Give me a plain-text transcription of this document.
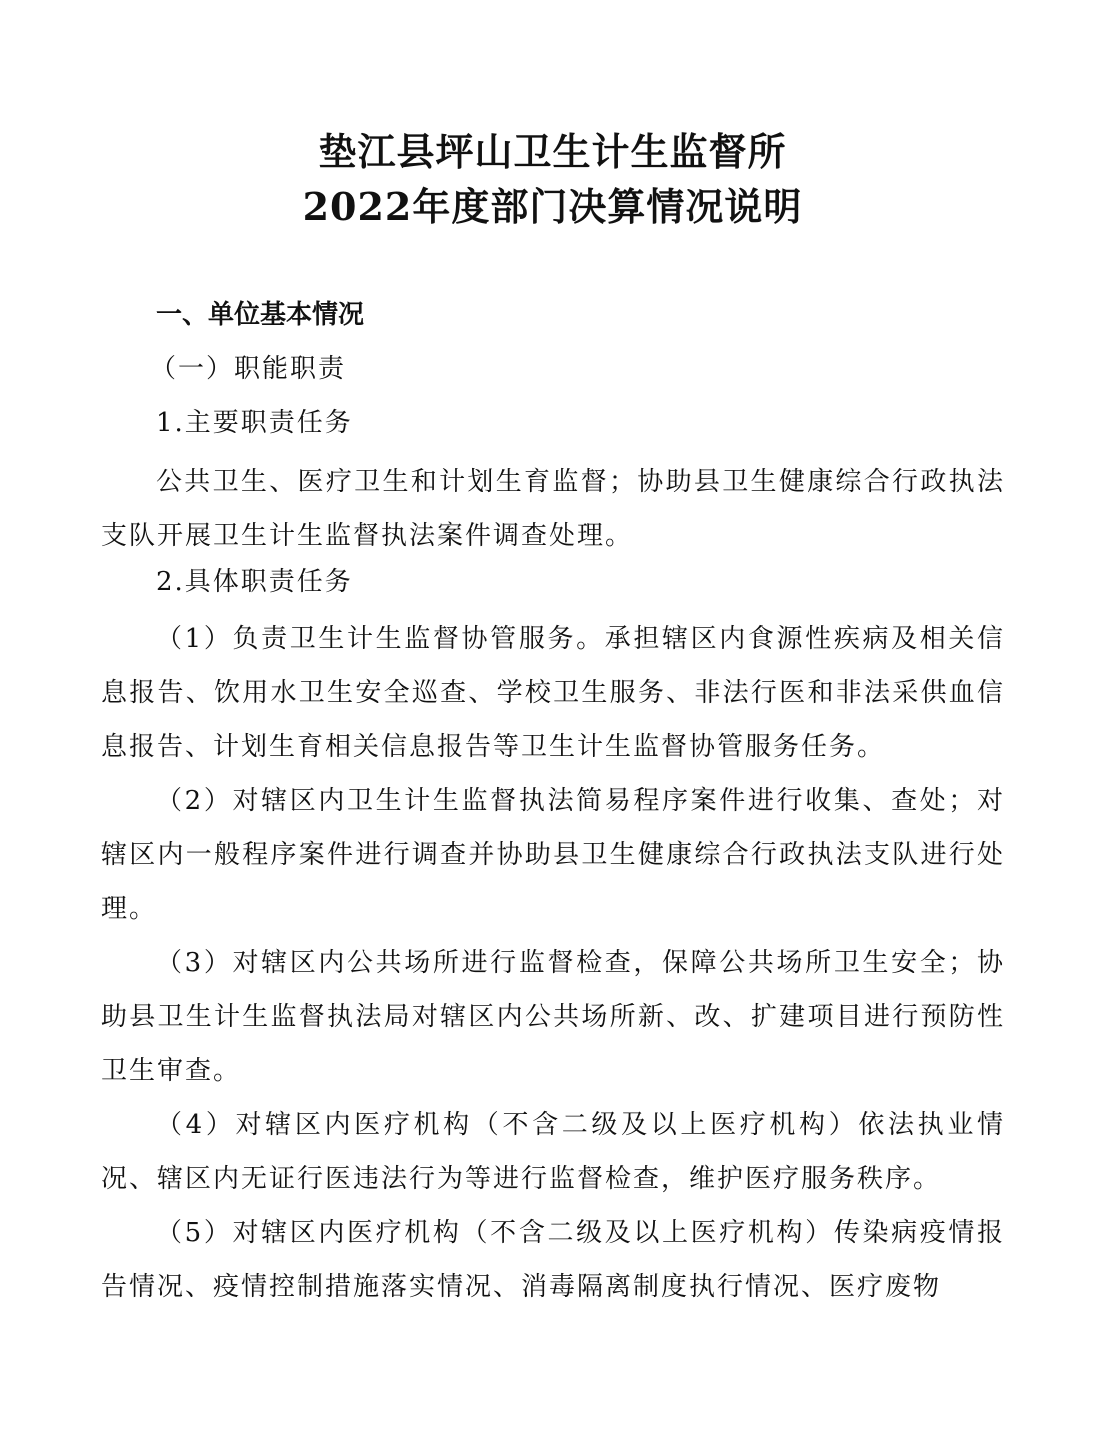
垫江县坪山卫生计生监督所
2022年度部门决算情况说明
一、单位基本情况
（一）职能职责
1.主要职责任务
公共卫生、医疗卫生和计划生育监督；协助县卫生健康综合行政执法支队开展卫生计生监督执法案件调查处理。
2.具体职责任务
（1）负责卫生计生监督协管服务。承担辖区内食源性疾病及相关信息报告、饮用水卫生安全巡查、学校卫生服务、非法行医和非法采供血信息报告、计划生育相关信息报告等卫生计生监督协管服务任务。
（2）对辖区内卫生计生监督执法简易程序案件进行收集、查处；对辖区内一般程序案件进行调查并协助县卫生健康综合行政执法支队进行处理。
（3）对辖区内公共场所进行监督检查，保障公共场所卫生安全；协助县卫生计生监督执法局对辖区内公共场所新、改、扩建项目进行预防性卫生审查。
（4）对辖区内医疗机构（不含二级及以上医疗机构）依法执业情况、辖区内无证行医违法行为等进行监督检查，维护医疗服务秩序。
（5）对辖区内医疗机构（不含二级及以上医疗机构）传染病疫情报告情况、疫情控制措施落实情况、消毒隔离制度执行情况、医疗废物
